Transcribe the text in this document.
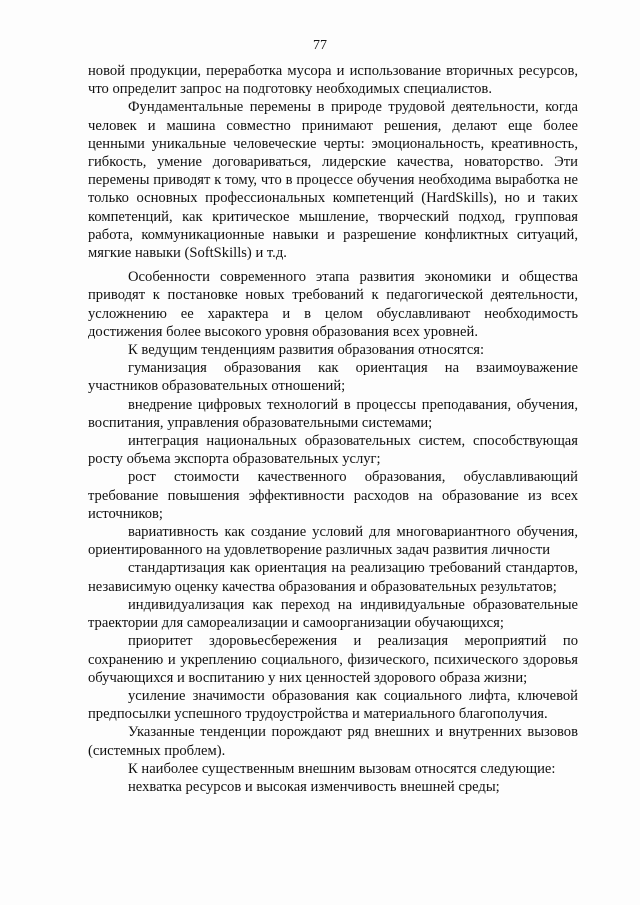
77

новой продукции, переработка мусора и использование вторичных ресурсов, что определит запрос на подготовку необходимых специалистов.

Фундаментальные перемены в природе трудовой деятельности, когда человек и машина совместно принимают решения, делают еще более ценными уникальные человеческие черты: эмоциональность, креативность, гибкость, умение договариваться, лидерские качества, новаторство. Эти перемены приводят к тому, что в процессе обучения необходима выработка не только основных профессиональных компетенций (HardSkills), но и таких компетенций, как критическое мышление, творческий подход, групповая работа, коммуникационные навыки и разрешение конфликтных ситуаций, мягкие навыки (SoftSkills) и т.д.

Особенности современного этапа развития экономики и общества приводят к постановке новых требований к педагогической деятельности, усложнению ее характера и в целом обуславливают необходимость достижения более высокого уровня образования всех уровней.

К ведущим тенденциям развития образования относятся:

гуманизация образования как ориентация на взаимоуважение участников образовательных отношений;

внедрение цифровых технологий в процессы преподавания, обучения, воспитания, управления образовательными системами;

интеграция национальных образовательных систем, способствующая росту объема экспорта образовательных услуг;

рост стоимости качественного образования, обуславливающий требование повышения эффективности расходов на образование из всех источников;

вариативность как создание условий для многовариантного обучения, ориентированного на удовлетворение различных задач развития личности

стандартизация как ориентация на реализацию требований стандартов, независимую оценку качества образования и образовательных результатов;

индивидуализация как переход на индивидуальные образовательные траектории для самореализации и самоорганизации обучающихся;

приоритет здоровьесбережения и реализация мероприятий по сохранению и укреплению социального, физического, психического здоровья обучающихся и воспитанию у них ценностей здорового образа жизни;

усиление значимости образования как социального лифта, ключевой предпосылки успешного трудоустройства и материального благополучия.

Указанные тенденции порождают ряд внешних и внутренних вызовов (системных проблем).

К наиболее существенным внешним вызовам относятся следующие:

нехватка ресурсов и высокая изменчивость внешней среды;
